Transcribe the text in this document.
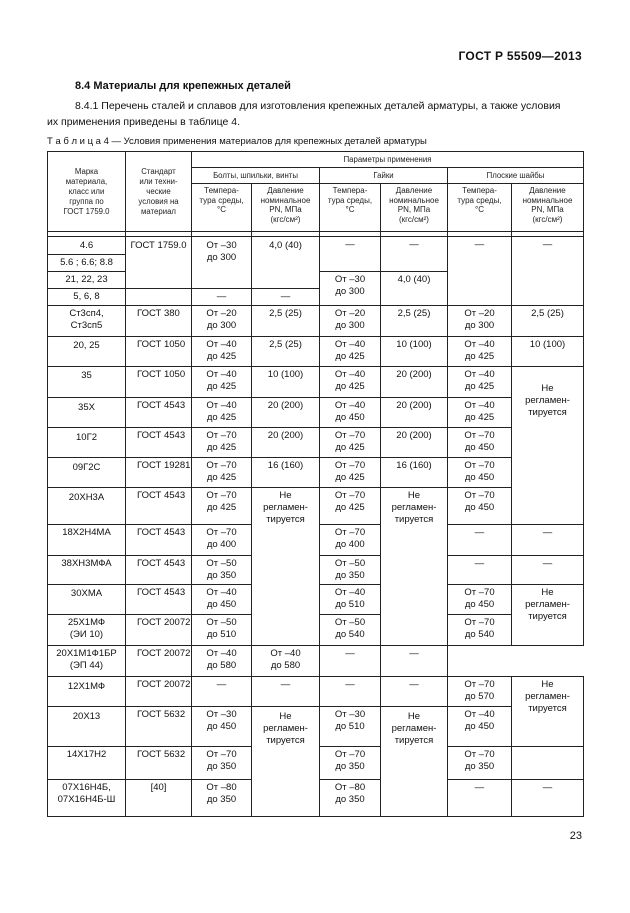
ГОСТ Р 55509—2013
8.4 Материалы для крепежных деталей
8.4.1 Перечень сталей и сплавов для изготовления крепежных деталей арматуры, а также условия
их применения приведены в таблице 4.
Т а б л и ц а 4 — Условия применения материалов для крепежных деталей арматуры
Марка
материала,
класс или
группа по
ГОСТ 1759.0	Стандарт
или техни-
ческие
условия на
материал	Параметры применения					
		Болты, шпильки, винты		Гайки		Плоские шайбы	

		Темпера-
тура среды,
°С	Давление
номинальное
PN, МПа
(кгс/см²)	Темпера-
тура среды,
°С	Давление
номинальное
PN, МПа
(кгс/см²)	Темпера-
тура среды,
°С	Давление
номинальное
PN, МПа
(кгс/см²)

4.6	ГОСТ 1759.0	От –30
до 300	4,0 (40)	—	—	—	—
5.6 ; 6.6; 8.8							
21, 22, 23				От –30
до 300	4,0 (40)		
5, 6, 8		—	—				

Ст3сп4,
Ст3сп5	ГОСТ 380	От –20
до 300	2,5 (25)	От –20
до 300	2,5 (25)	От –20
до 300	2,5 (25)
20, 25	ГОСТ 1050	От –40
до 425	2,5 (25)	От –40
до 425	10 (100)	От –40
до 425	10 (100)
35	ГОСТ 1050	От –40
до 425	10 (100)	От –40
до 425	20 (200)	От –40
до 425	Не
регламен-
тируется

35Х	ГОСТ 4543	От –40
до 425	20 (200)	От –40
до 450	20 (200)	От –40
до 425	

10Г2	ГОСТ 4543	От –70
до 425	20 (200)	От –70
до 425	20 (200)	От –70
до 450	

09Г2С	ГОСТ 19281	От –70
до 425	16 (160)	От –70
до 425	16 (160)	От –70
до 450	

20ХН3А	ГОСТ 4543	От –70
до 425	Не
регламен-
тируется	От –70
до 425	Не
регламен-
тируется	От –70
до 450	

18Х2Н4МА	ГОСТ 4543	От –70
до 400		От –70
до 400		—	—
38ХН3МФА	ГОСТ 4543	От –50
до 350		От –50
до 350		—	—
30ХМА	ГОСТ 4543	От –40
до 450		От –40
до 510		От –70
до 450	Не
регламен-
тируется

25Х1МФ
(ЭИ 10)	ГОСТ 20072	От –50
до 510		От –50
до 540		От –70
до 540	

20Х1М1Ф1БР
(ЭП 44)	ГОСТ 20072	От –40
до 580	От –40
до 580	—	—		
12Х1МФ	ГОСТ 20072	—	—	—	—	От –70
до 570	Не
регламен-
тируется

20Х13	ГОСТ 5632	От –30
до 450	Не
регламен-
тируется	От –30
до 510	Не
регламен-
тируется	От –40
до 450	

14Х17Н2	ГОСТ 5632	От –70
до 350		От –70
до 350		От –70
до 350	

07Х16Н4Б,
07Х16Н4Б-Ш	[40]	От –80
до 350		От –80
до 350		—	—
23
